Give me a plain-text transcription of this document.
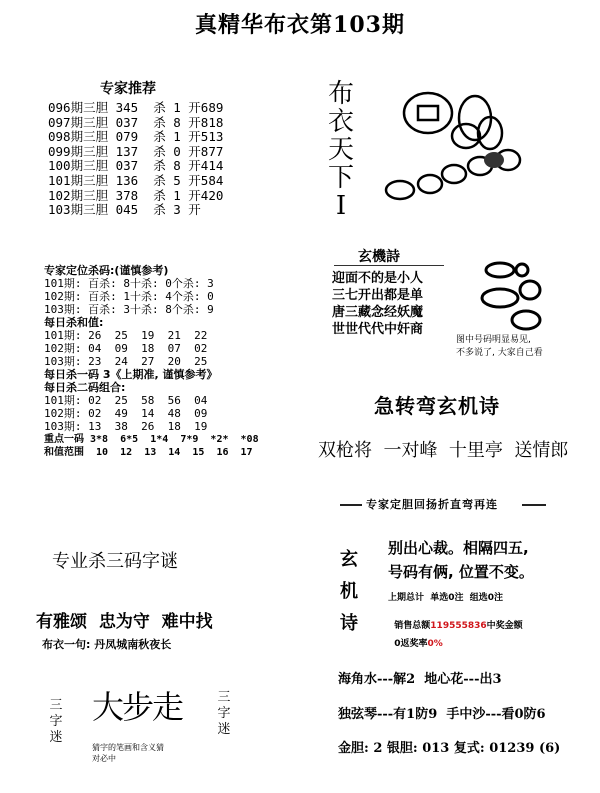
真精华布衣第103期
专家推荐
096期三胆 345  杀 1 开689
097期三胆 037  杀 8 开818
098期三胆 079  杀 1 开513
099期三胆 137  杀 0 开877
100期三胆 037  杀 8 开414
101期三胆 136  杀 5 开584
102期三胆 378  杀 1 开420
103期三胆 045  杀 3 开
专家定位杀码:(谨慎参考)
101期: 百杀: 8十杀: 0个杀: 3
102期: 百杀: 1十杀: 4个杀: 0
103期: 百杀: 3十杀: 8个杀: 9
每日杀和值:
101期: 26  25  19  21  22
102期: 04  09  18  07  02
103期: 23  24  27  20  25
每日杀一码 3《上期准, 谨慎参考》
每日杀二码组合:
101期: 02  25  58  56  04
102期: 02  49  14  48  09
103期: 13  38  26  18  19
重点一码 3*8  6*5  1*4  7*9  *2*  *08
和值范围  10  12  13  14  15  16  17
专业杀三码字谜
有雅颂  忠为守  难中找
布衣一句: 丹凤城南秋夜长
三
字
迷
大步走	三
字
迷
猜字的笔画和含义猜
对必中
布
衣
天
下
I
玄機詩
迎面不的是小人
三七开出都是单
唐三藏念经妖魔
世世代代中奸商
图中号码明显易见,
不多说了, 大家自己看
急转弯玄机诗
双枪将  一对峰  十里亭  送情郎
专家定胆回扬折直弯再连
玄
机
诗
别出心裁。相隔四五,
号码有俩, 位置不变。
上期总计  单选0注  组选0注

销售总额119555836中奖金额

0返奖率0%

海角水---解2  地心花---出3
独弦琴---有1防9  手中沙---看0防6
金胆: 2 银胆: 013 复式: 01239 (6)
